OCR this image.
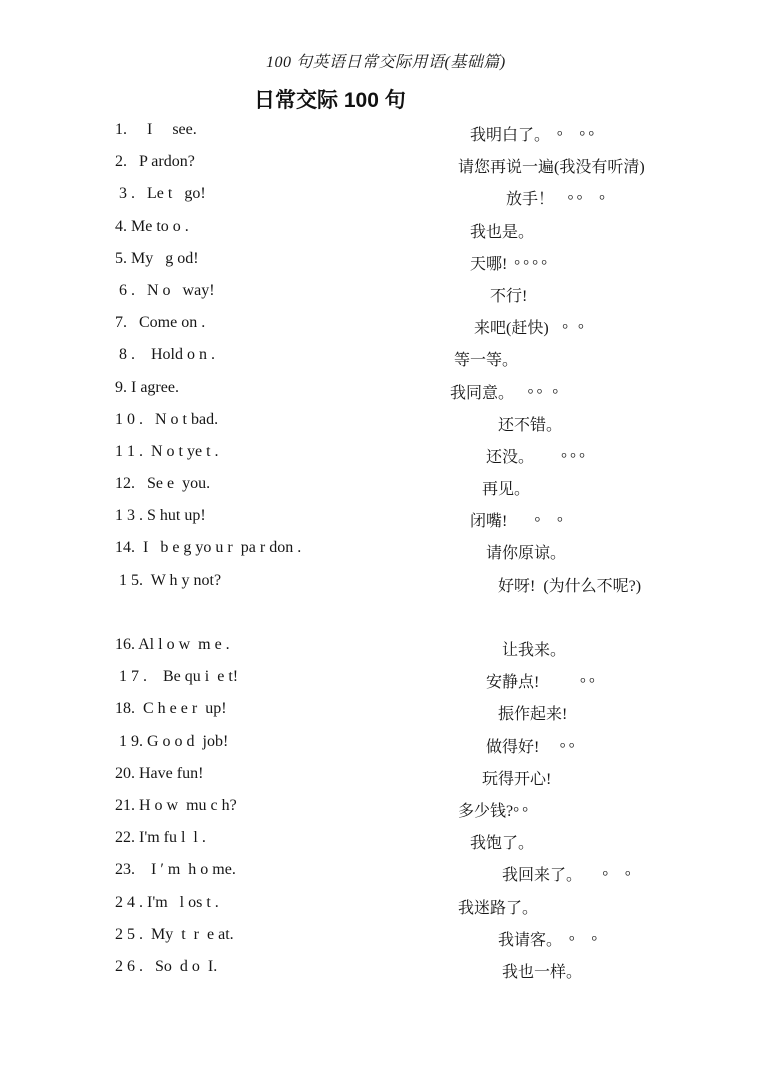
100 句英语日常交际用语(基础篇)
日常交际 100 句
1.     I     see.	　 我明白了。 °  °°
2.   P ardon?	请您再说一遍(我没有听清)
3 .   Le t   go!	　　　  放手！  °°  °
4. Me to o .	　 我也是。
5. My   g od!	　 天哪! °°°°
6 .   N o   way!	　　  不行!
7.   Come on .	　  来吧(赶快)  ° °
8 .    Hold o n .	等一等。
9. I agree.	我同意。  °° °
1 0 .   N o t bad.	　　　还不错。
1 1 .  N o t ye t .	　　 还没。    °°°
12.   Se e  you.	　　再见。
1 3 . S hut up!	　 闭嘴!    °  °
14.  I   b e g yo u r  pa r don .	　　 请你原谅。
1 5.  W h y not?	　　　好呀!  (为什么不呢?)
16. Al l o w  m e .	　　　 让我来。
1 7 .    Be qu i  e t!	　　 安静点!      °°
18.  C h e e r  up!	　　　振作起来!
1 9. G o o d  job!	　　 做得好!   °°
20. Have fun!	　　玩得开心!
21. H o w  mu c h?	多少钱?°°
22. I'm fu l  l .	　 我饱了。
23.    I ′ m  h o me.	　　　 我回来了。   °  °
2 4 . I'm   l os t .	我迷路了。
2 5 .  My  t  r  e at.	　　　我请客。 °  °
2 6 .   So  d o  I.	　　　 我也一样。
